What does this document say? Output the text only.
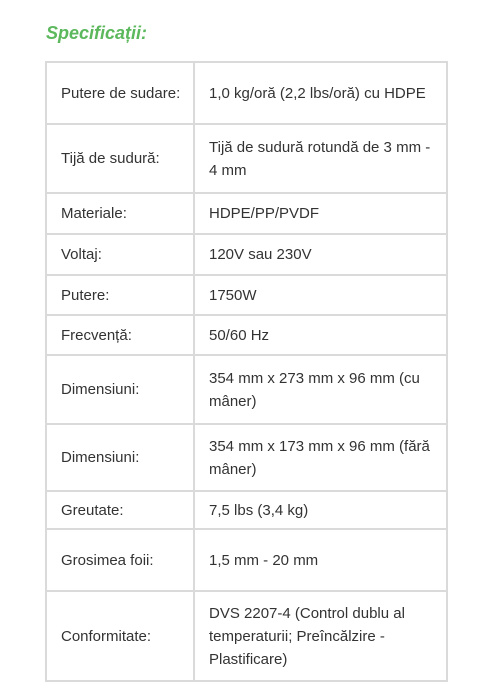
Specificații:
Putere de sudare:	1,0 kg/oră (2,2 lbs/oră) cu HDPE
Tijă de sudură:	Tijă de sudură rotundă de 3 mm - 4 mm
Materiale:	HDPE/PP/PVDF
Voltaj:	120V sau 230V
Putere:	1750W
Frecvență:	50/60 Hz
Dimensiuni:	354 mm x 273 mm x 96 mm (cu mâner)
Dimensiuni:	354 mm x 173 mm x 96 mm (fără mâner)
Greutate:	7,5 lbs (3,4 kg)
Grosimea foii:	1,5 mm - 20 mm
Conformitate:	DVS 2207-4 (Control dublu al temperaturii; Preîncălzire - Plastificare)
